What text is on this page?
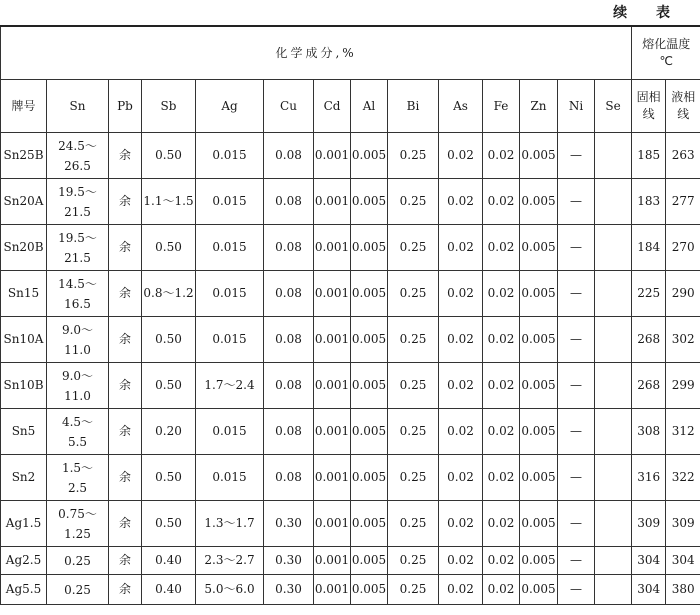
续 表

化学成分,%														熔化温度
℃	
牌号	Sn	Pb	Sb	Ag	Cu	Cd	Al	Bi	As	Fe	Zn	Ni	Se	固相线	液相线
Sn25B	24.5～
26.5	余	0.50	0.015	0.08	0.001	0.005	0.25	0.02	0.02	0.005	—		185	263
Sn20A	19.5～
21.5	余	1.1～1.5	0.015	0.08	0.001	0.005	0.25	0.02	0.02	0.005	—		183	277
Sn20B	19.5～
21.5	余	0.50	0.015	0.08	0.001	0.005	0.25	0.02	0.02	0.005	—		184	270
Sn15	14.5～
16.5	余	0.8～1.2	0.015	0.08	0.001	0.005	0.25	0.02	0.02	0.005	—		225	290
Sn10A	9.0～
11.0	余	0.50	0.015	0.08	0.001	0.005	0.25	0.02	0.02	0.005	—		268	302
Sn10B	9.0～
11.0	余	0.50	1.7～2.4	0.08	0.001	0.005	0.25	0.02	0.02	0.005	—		268	299
Sn5	4.5～
5.5	余	0.20	0.015	0.08	0.001	0.005	0.25	0.02	0.02	0.005	—		308	312
Sn2	1.5～
2.5	余	0.50	0.015	0.08	0.001	0.005	0.25	0.02	0.02	0.005	—		316	322
Ag1.5	0.75～
1.25	余	0.50	1.3～1.7	0.30	0.001	0.005	0.25	0.02	0.02	0.005	—		309	309
Ag2.5	0.25	余	0.40	2.3～2.7	0.30	0.001	0.005	0.25	0.02	0.02	0.005	—		304	304
Ag5.5	0.25	余	0.40	5.0～6.0	0.30	0.001	0.005	0.25	0.02	0.02	0.005	—		304	380
